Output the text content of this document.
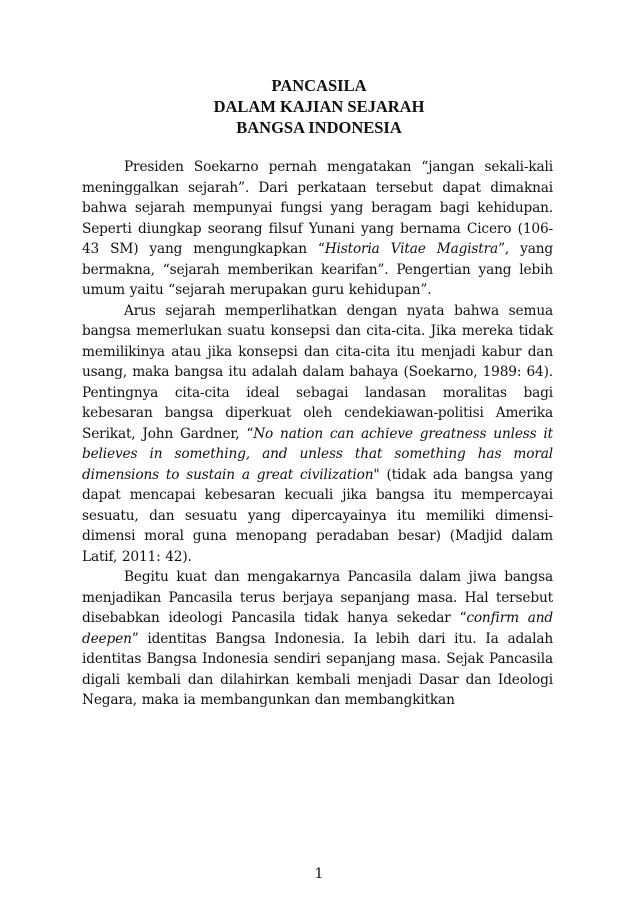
PANCASILA
DALAM KAJIAN SEJARAH
BANGSA INDONESIA

Presiden Soekarno pernah mengatakan “jangan sekali-kali meninggalkan sejarah”. Dari perkataan tersebut dapat dimaknai bahwa sejarah mempunyai fungsi yang beragam bagi kehidupan. Seperti diungkap seorang filsuf Yunani yang bernama Cicero (106-43 SM) yang mengungkapkan “Historia Vitae Magistra”, yang bermakna, “sejarah memberikan kearifan”. Pengertian yang lebih umum yaitu “sejarah merupakan guru kehidupan”.

Arus sejarah memperlihatkan dengan nyata bahwa semua bangsa memerlukan suatu konsepsi dan cita-cita. Jika mereka tidak memilikinya atau jika konsepsi dan cita-cita itu menjadi kabur dan usang, maka bangsa itu adalah dalam bahaya (Soekarno, 1989: 64). Pentingnya cita-cita ideal sebagai landasan moralitas bagi kebesaran bangsa diperkuat oleh cendekiawan-politisi Amerika Serikat, John Gardner, “No nation can achieve greatness unless it believes in something, and unless that something has moral dimensions to sustain a great civilization" (tidak ada bangsa yang dapat mencapai kebesaran kecuali jika bangsa itu mempercayai sesuatu, dan sesuatu yang dipercayainya itu memiliki dimensi-dimensi moral guna menopang peradaban besar) (Madjid dalam Latif, 2011: 42).

Begitu kuat dan mengakarnya Pancasila dalam jiwa bangsa menjadikan Pancasila terus berjaya sepanjang masa. Hal tersebut disebabkan ideologi Pancasila tidak hanya sekedar “confirm and deepen” identitas Bangsa Indonesia. Ia lebih dari itu. Ia adalah identitas Bangsa Indonesia sendiri sepanjang masa. Sejak Pancasila digali kembali dan dilahirkan kembali menjadi Dasar dan Ideologi Negara, maka ia membangunkan dan membangkitkan

1
